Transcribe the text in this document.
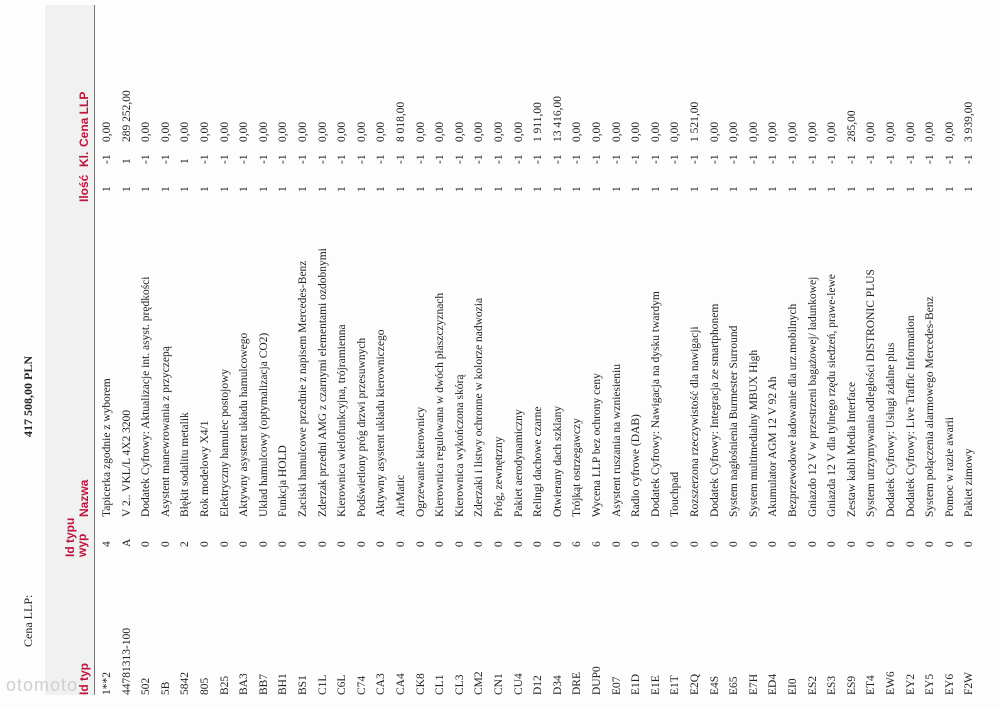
Cena LLP:
417 508,00 PLN
Id typ
Id typu
wyp
Nazwa
Ilość
Kl.
Cena LLP
1**2
4
Tapicerka zgodnie z wyborem
1
-1
0,00
44781313-100
A
V 2.. VKL/L 4X2 3200
1
1
289 252,00
502
0
Dodatek Cyfrowy: Aktualizacje int. asyst. prędkości
1
-1
0,00
5B
0
Asystent manewrowania z przyczepą
1
-1
0,00
5842
2
Błękit sodalitu metalik
1
1
0,00
805
0
Rok modelowy X4/1
1
-1
0,00
B25
0
Elektryczny hamulec postojowy
1
-1
0,00
BA3
0
Aktywny asystent układu hamulcowego
1
-1
0,00
BB7
0
Układ hamulcowy (optymalizacja CO2)
1
-1
0,00
BH1
0
Funkcja HOLD
1
-1
0,00
BS1
0
Zaciski hamulcowe przednie z napisem Mercedes-Benz
1
-1
0,00
C1L
0
Zderzak przedni AMG z czarnymi elementami ozdobnymi
1
-1
0,00
C6L
0
Kierownica wielofunkcyjna, trójramienna
1
-1
0,00
C74
0
Podświetlony próg drzwi przesuwnych
1
-1
0,00
CA3
0
Aktywny asystent układu kierowniczego
1
-1
0,00
CA4
0
AirMatic
1
-1
8 018,00
CK8
0
Ogrzewanie kierownicy
1
-1
0,00
CL1
0
Kierownica regulowana w dwóch płaszczyznach
1
-1
0,00
CL3
0
Kierownica wykończona skórą
1
-1
0,00
CM2
0
Zderzaki i listwy ochronne w kolorze nadwozia
1
-1
0,00
CN1
0
Próg, zewnętrzny
1
-1
0,00
CU4
0
Pakiet aerodynamiczny
1
-1
0,00
D12
0
Relingi dachowe czarne
1
-1
1 911,00
D34
0
Otwierany dach szklany
1
-1
13 416,00
DRE
6
Trójkąt ostrzegawczy
1
-1
0,00
DUP0
6
Wycena LLP bez ochrony ceny
1
-1
0,00
E07
0
Asystent ruszania na wzniesieniu
1
-1
0,00
E1D
0
Radio cyfrowe (DAB)
1
-1
0,00
E1E
0
Dodatek Cyfrowy: Nawigacja na dysku twardym
1
-1
0,00
E1T
0
Touchpad
1
-1
0,00
E2Q
0
Rozszerzona rzeczywistość dla nawigacji
1
-1
1 521,00
E4S
0
Dodatek Cyfrowy: Integracja ze smartphonem
1
-1
0,00
E65
0
System nagłośnienia Burmester Surround
1
-1
0,00
E7H
0
System multimedialny MBUX High
1
-1
0,00
ED4
0
Akumulator AGM 12 V 92 Ah
1
-1
0,00
EI0
0
Bezprzewodowe ładowanie dla urz.mobilnych
1
-1
0,00
ES2
0
Gniazdo 12 V w przestrzeni bagażowej/ ładunkowej
1
-1
0,00
ES3
0
Gniazda 12 V dla tylnego rzędu siedzeń, prawe-lewe
1
-1
0,00
ES9
0
Zestaw kabli Media Interface
1
-1
285,00
ET4
0
System utrzymywania odległości DISTRONIC PLUS
1
-1
0,00
EW6
0
Dodatek Cyfrowy: Usługi zdalne plus
1
-1
0,00
EY2
0
Dodatek Cyfrowy: Live Traffic Information
1
-1
0,00
EY5
0
System połączenia alarmowego Mercedes-Benz
1
-1
0,00
EY6
0
Pomoc w razie awarii
1
-1
0,00
F2W
0
Pakiet zimowy
1
-1
3 939,00
otomoto
